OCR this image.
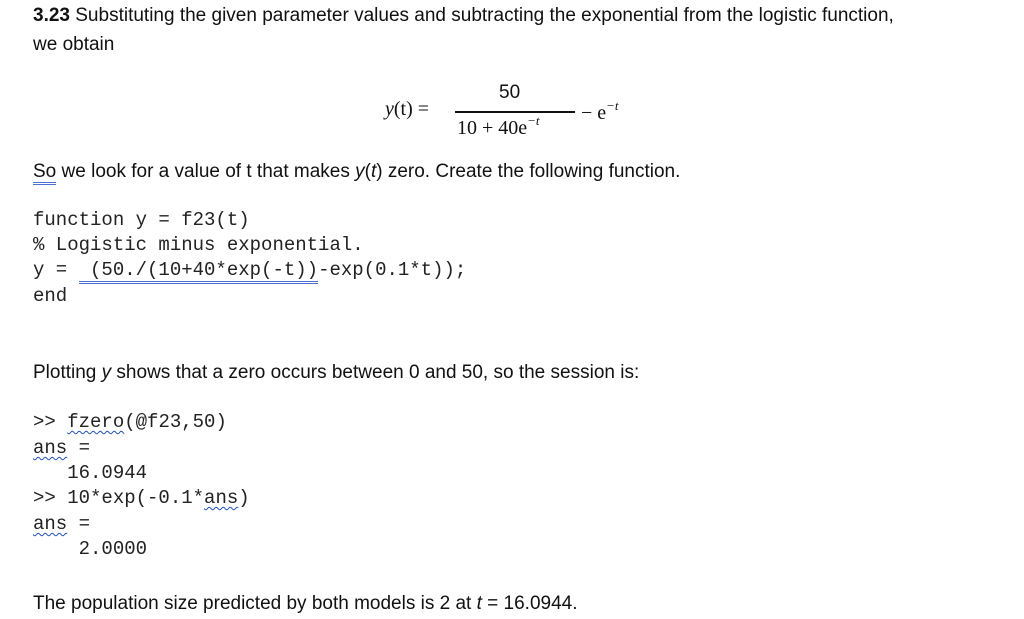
3.23 Substituting the given parameter values and subtracting the exponential from the logistic function,
we obtain
y(t) =
50
$10 + 40e^{-t} - e^{-t}$
So we look for a value of t that makes y(t) zero. Create the following function.
function y = f23(t)
% Logistic minus exponential.
y =  (50./(10+40*exp(-t))-exp(0.1*t));
end
Plotting y shows that a zero occurs between 0 and 50, so the session is:
>> fzero(@f23,50)
ans =
16.0944
>> 10*exp(-0.1*ans)
ans =
2.0000
The population size predicted by both models is 2 at t = 16.0944.
